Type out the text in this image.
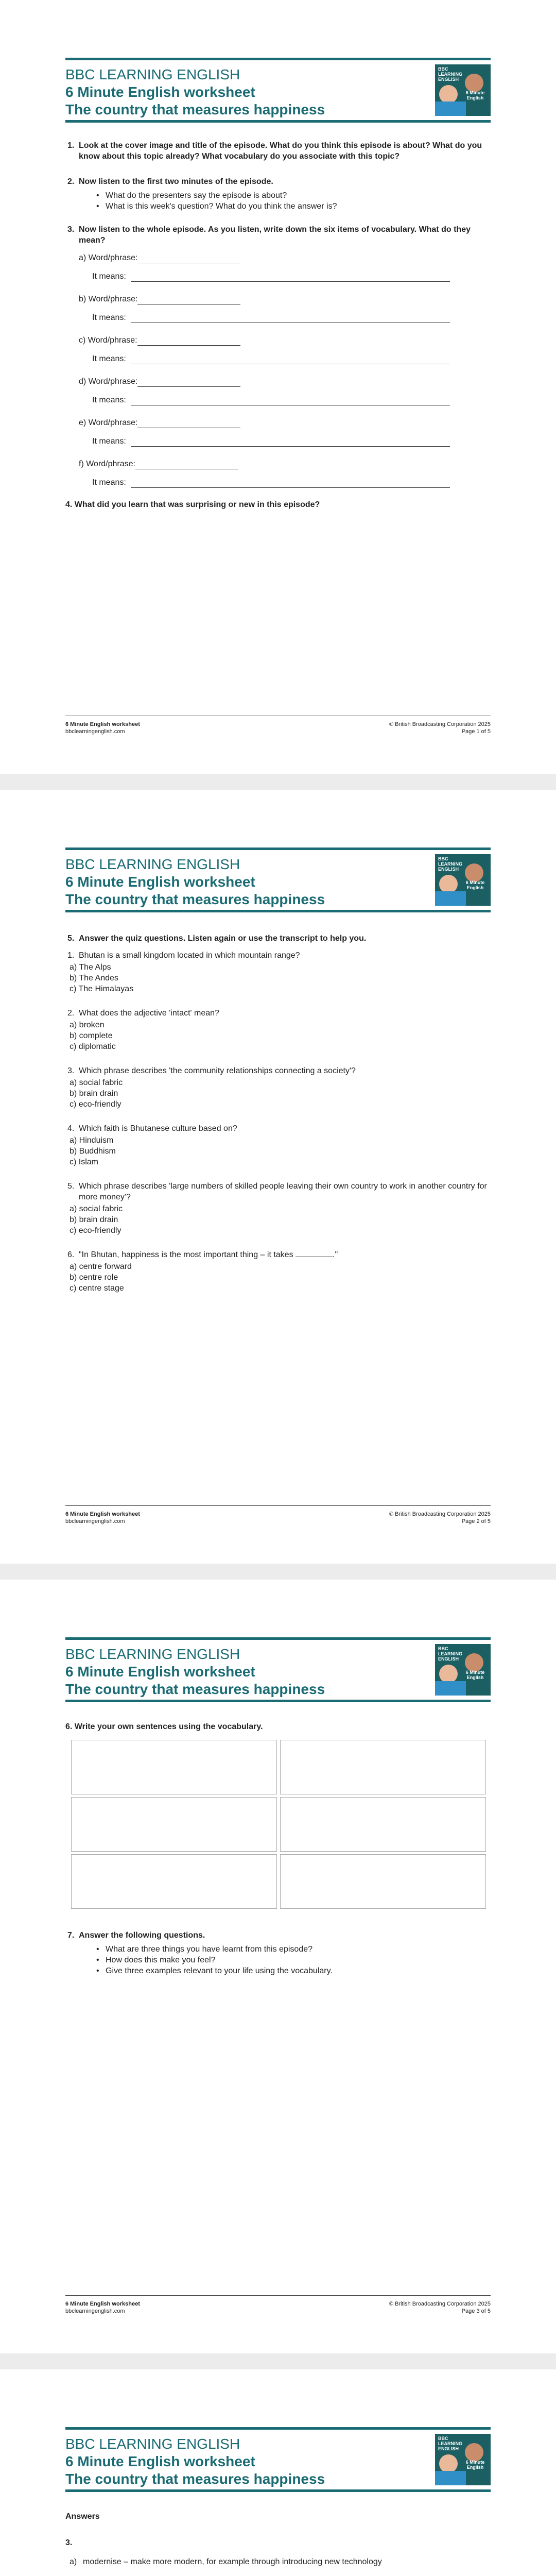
BBC LEARNING ENGLISH
6 Minute English worksheet
The country that measures happiness
BBC LEARNING ENGLISH
6 Minute English
1. Look at the cover image and title of the episode. What do you think this episode is about? What do you know about this topic already? What vocabulary do you associate with this topic?
2. Now listen to the first two minutes of the episode.
• What do the presenters say the episode is about?
• What is this week's question? What do you think the answer is?
3. Now listen to the whole episode. As you listen, write down the six items of vocabulary. What do they mean?
a)
Word/phrase:
It means:

b)
Word/phrase:
It means:

c)
Word/phrase:
It means:

d)
Word/phrase:
It means:

e)
Word/phrase:
It means:

f)
Word/phrase:
It means:

4. What did you learn that was surprising or new in this episode?
6 Minute English worksheet
bbclearningenglish.com
© British Broadcasting Corporation 2025
Page 1 of 5
BBC LEARNING ENGLISH
6 Minute English worksheet
The country that measures happiness
BBC LEARNING ENGLISH
6 Minute English
5. Answer the quiz questions. Listen again or use the transcript to help you.
1. Bhutan is a small kingdom located in which mountain range?
a) The Alps
b) The Andes
c) The Himalayas
2. What does the adjective 'intact' mean?
a) broken
b) complete
c) diplomatic
3. Which phrase describes 'the community relationships connecting a society'?
a) social fabric
b) brain drain
c) eco-friendly
4. Which faith is Bhutanese culture based on?
a) Hinduism
b) Buddhism
c) Islam
5. Which phrase describes 'large numbers of skilled people leaving their own country to work in another country for more money'?
a) social fabric
b) brain drain
c) eco-friendly
6. "In Bhutan, happiness is the most important thing – it takes	."
a) centre forward
b) centre role
c) centre stage
6 Minute English worksheet
bbclearningenglish.com
© British Broadcasting Corporation 2025
Page 2 of 5
BBC LEARNING ENGLISH
6 Minute English worksheet
The country that measures happiness
BBC LEARNING ENGLISH
6 Minute English
6. Write your own sentences using the vocabulary.
7. Answer the following questions.
• What are three things you have learnt from this episode?
• How does this make you feel?
• Give three examples relevant to your life using the vocabulary.
6 Minute English worksheet
bbclearningenglish.com
© British Broadcasting Corporation 2025
Page 3 of 5
BBC LEARNING ENGLISH
6 Minute English worksheet
The country that measures happiness
BBC LEARNING ENGLISH
6 Minute English
Answers
3.
a) modernise – make more modern, for example through introducing new technology
